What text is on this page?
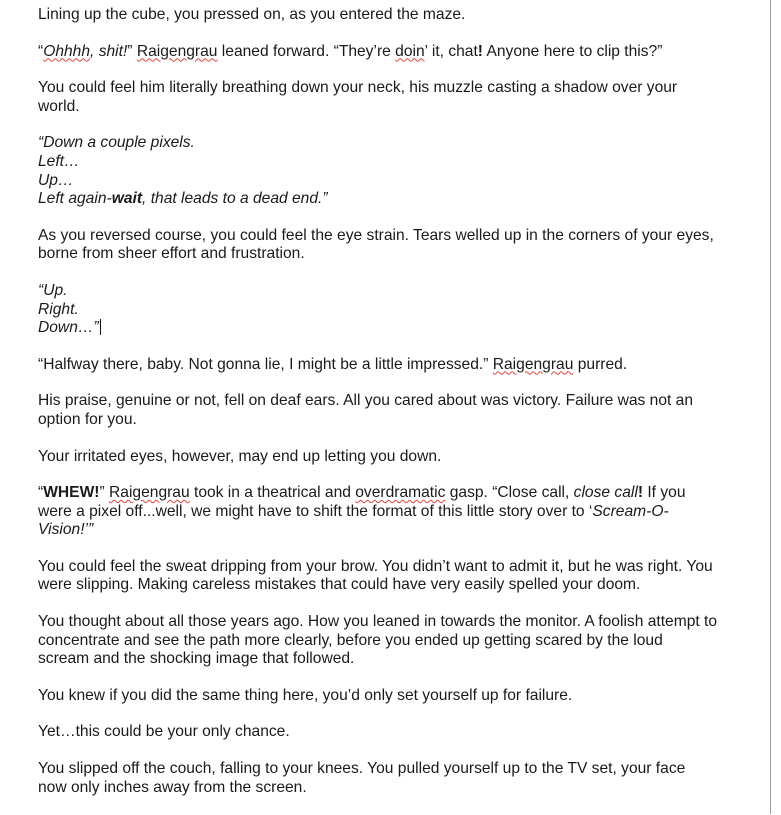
Lining up the cube, you pressed on, as you entered the maze.

“Ohhhh, shit!” Raigengrau leaned forward. “They’re doin’ it, chat! Anyone here to clip this?”

You could feel him literally breathing down your neck, his muzzle casting a shadow over your world.

“Down a couple pixels.
Left…
Up…
Left again-wait, that leads to a dead end.”

As you reversed course, you could feel the eye strain. Tears welled up in the corners of your eyes, borne from sheer effort and frustration.

“Up.
Right.
Down…”

“Halfway there, baby. Not gonna lie, I might be a little impressed.” Raigengrau purred.

His praise, genuine or not, fell on deaf ears. All you cared about was victory. Failure was not an option for you.

Your irritated eyes, however, may end up letting you down.

“WHEW!” Raigengrau took in a theatrical and overdramatic gasp. “Close call, close call! If you were a pixel off...well, we might have to shift the format of this little story over to ‘Scream-O-Vision!’”

You could feel the sweat dripping from your brow. You didn’t want to admit it, but he was right. You were slipping. Making careless mistakes that could have very easily spelled your doom.

You thought about all those years ago. How you leaned in towards the monitor. A foolish attempt to concentrate and see the path more clearly, before you ended up getting scared by the loud scream and the shocking image that followed.

You knew if you did the same thing here, you’d only set yourself up for failure.

Yet…this could be your only chance.

You slipped off the couch, falling to your knees. You pulled yourself up to the TV set, your face now only inches away from the screen.
